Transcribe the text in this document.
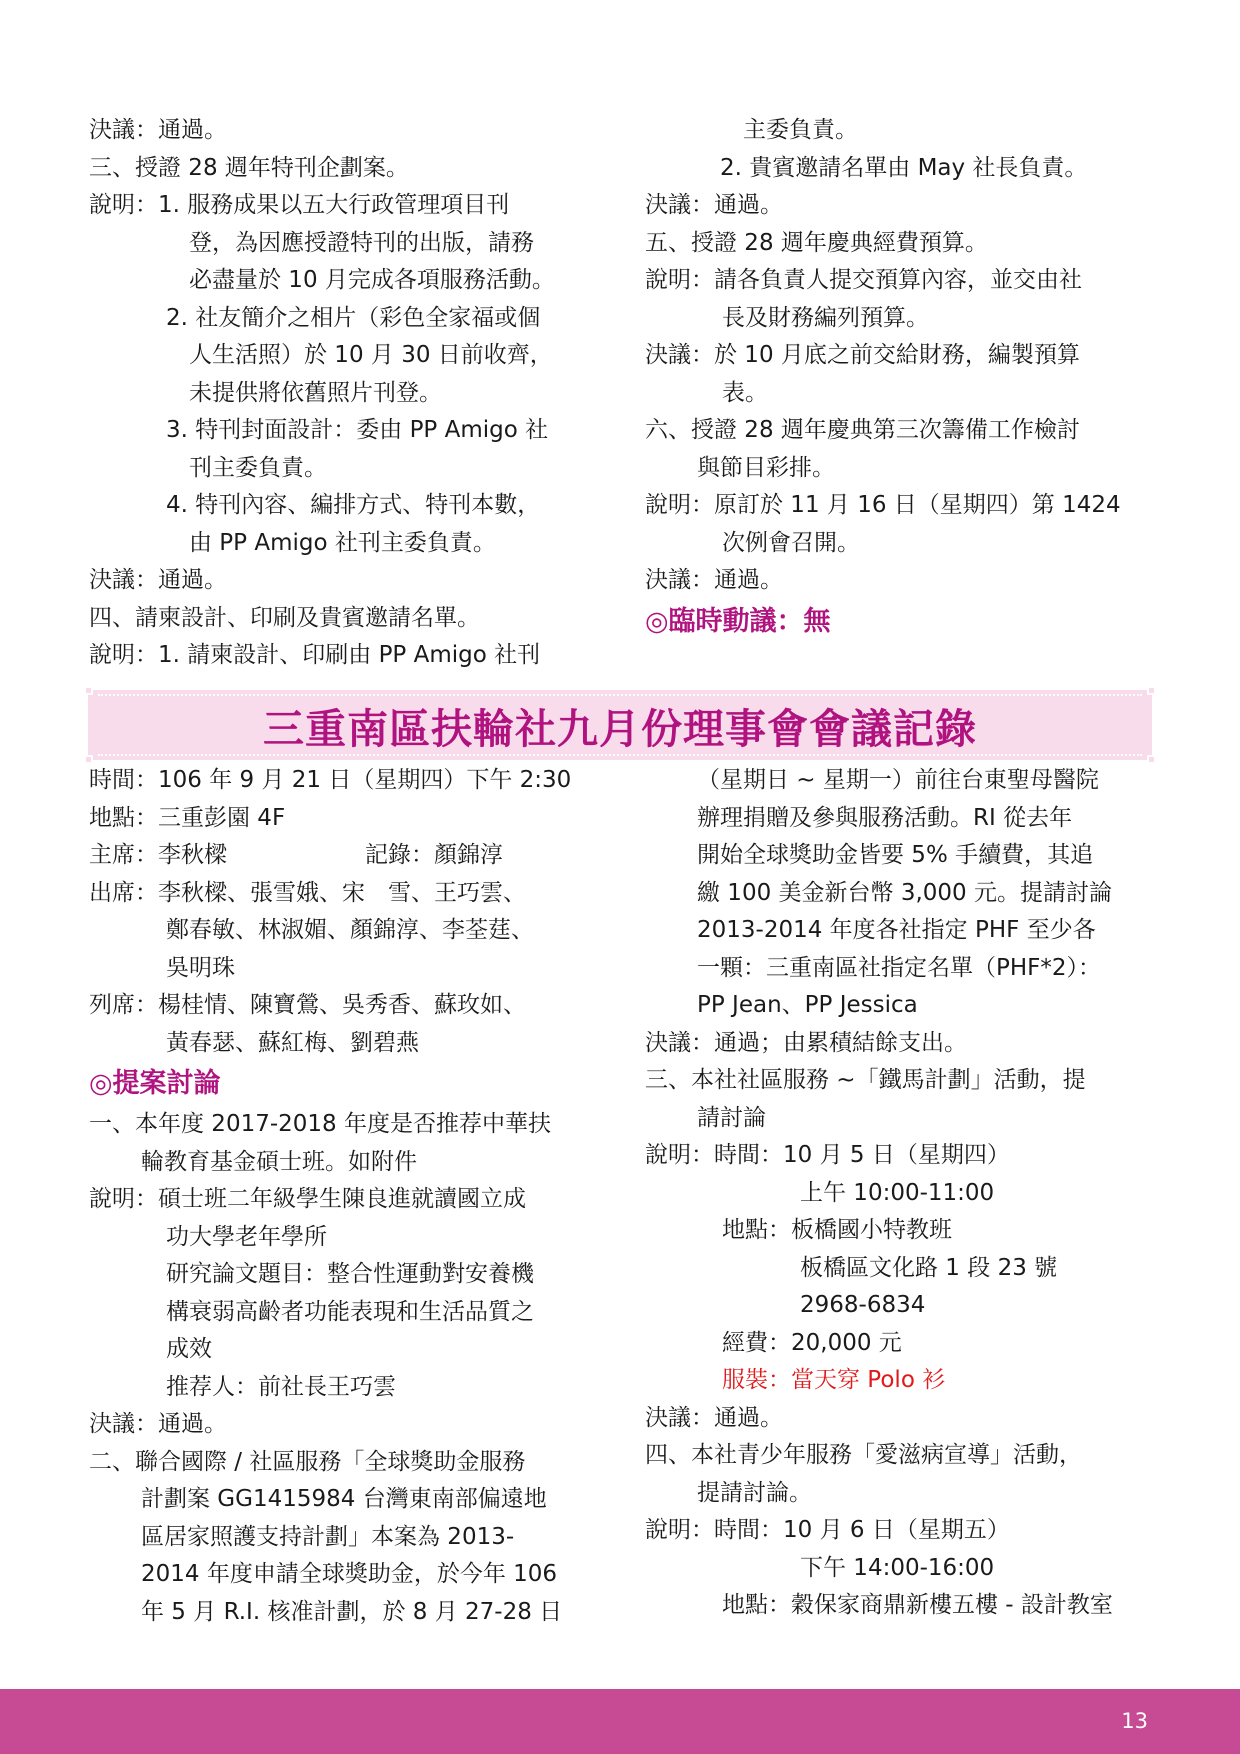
決議：通過。
三、授證 28 週年特刊企劃案。
說明：1. 服務成果以五大行政管理項目刊
登，為因應授證特刊的出版，請務
必盡量於 10 月完成各項服務活動。
2. 社友簡介之相片（彩色全家福或個
人生活照）於 10 月 30 日前收齊，
未提供將依舊照片刊登。
3. 特刊封面設計：委由 PP Amigo 社
刊主委負責。
4. 特刊內容、編排方式、特刊本數，
由 PP Amigo 社刊主委負責。
決議：通過。
四、請柬設計、印刷及貴賓邀請名單。
說明：1. 請柬設計、印刷由 PP Amigo 社刊
主委負責。
2. 貴賓邀請名單由 May 社長負責。
決議：通過。
五、授證 28 週年慶典經費預算。
說明：請各負責人提交預算內容，並交由社
長及財務編列預算。
決議：於 10 月底之前交給財務，編製預算
表。
六、授證 28 週年慶典第三次籌備工作檢討
與節目彩排。
說明：原訂於 11 月 16 日（星期四）第 1424
次例會召開。
決議：通過。
◎臨時動議：無
三重南區扶輪社九月份理事會會議記錄
時間：106 年 9 月 21 日（星期四）下午 2:30
地點：三重彭園 4F
主席：李秋樑　　　　　　記錄：顏錦淳
出席：李秋樑、張雪娥、宋　雪、王巧雲、
鄭春敏、林淑媚、顏錦淳、李荃莛、
吳明珠
列席：楊桂情、陳寶鶯、吳秀香、蘇玫如、
黃春瑟、蘇紅梅、劉碧燕
◎提案討論
一、本年度 2017-2018 年度是否推荐中華扶
輪教育基金碩士班。如附件
說明：碩士班二年級學生陳良進就讀國立成
功大學老年學所
研究論文題目：整合性運動對安養機
構衰弱高齡者功能表現和生活品質之
成效
推荐人：前社長王巧雲
決議：通過。
二、聯合國際 / 社區服務「全球獎助金服務
計劃案 GG1415984 台灣東南部偏遠地
區居家照護支持計劃」本案為 2013-
2014 年度申請全球獎助金，於今年 106
年 5 月 R.I. 核准計劃，於 8 月 27-28 日
（星期日 ~ 星期一）前往台東聖母醫院
辦理捐贈及參與服務活動。RI 從去年
開始全球獎助金皆要 5% 手續費，其追
繳 100 美金新台幣 3,000 元。提請討論
2013-2014 年度各社指定 PHF 至少各
一顆：三重南區社指定名單（PHF*2）：
PP Jean、PP Jessica
決議：通過；由累積結餘支出。
三、本社社區服務 ~「鐵馬計劃」活動，提
請討論
說明：時間：10 月 5 日（星期四）
上午 10:00-11:00
地點：板橋國小特教班
板橋區文化路 1 段 23 號
2968-6834
經費：20,000 元
服裝：當天穿 Polo 衫
決議：通過。
四、本社青少年服務「愛滋病宣導」活動，
提請討論。
說明：時間：10 月 6 日（星期五）
下午 14:00-16:00
地點：穀保家商鼎新樓五樓 - 設計教室
13
